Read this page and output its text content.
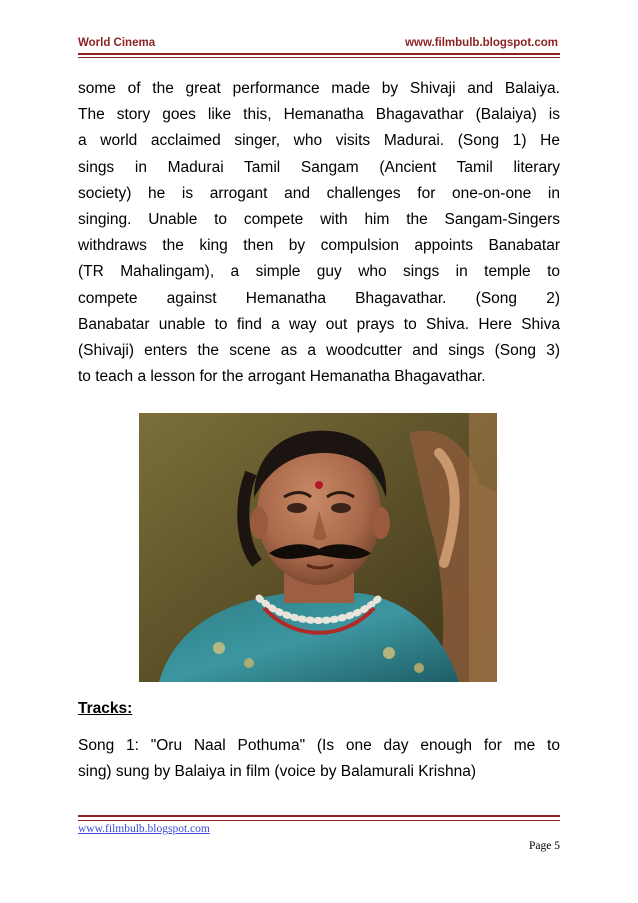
World Cinema	www.filmbulb.blogspot.com

some of the great performance made by Shivaji and Balaiya.
The story goes like this, Hemanatha Bhagavathar (Balaiya) is
a world acclaimed singer, who visits Madurai. (Song 1) He
sings in Madurai Tamil Sangam (Ancient Tamil literary
society) he is arrogant and challenges for one-on-one in
singing. Unable to compete with him the Sangam-Singers
withdraws the king then by compulsion appoints Banabatar
(TR Mahalingam), a simple guy who sings in temple to
compete against Hemanatha Bhagavathar. (Song 2)
Banabatar unable to find a way out prays to Shiva. Here Shiva
(Shivaji) enters the scene as a woodcutter and sings (Song 3)
to teach a lesson for the arrogant Hemanatha Bhagavathar.

Tracks:

Song 1: "Oru Naal Pothuma" (Is one day enough for me to
sing) sung by Balaiya in film (voice by Balamurali Krishna)

www.filmbulb.blogspot.com
Page 5
